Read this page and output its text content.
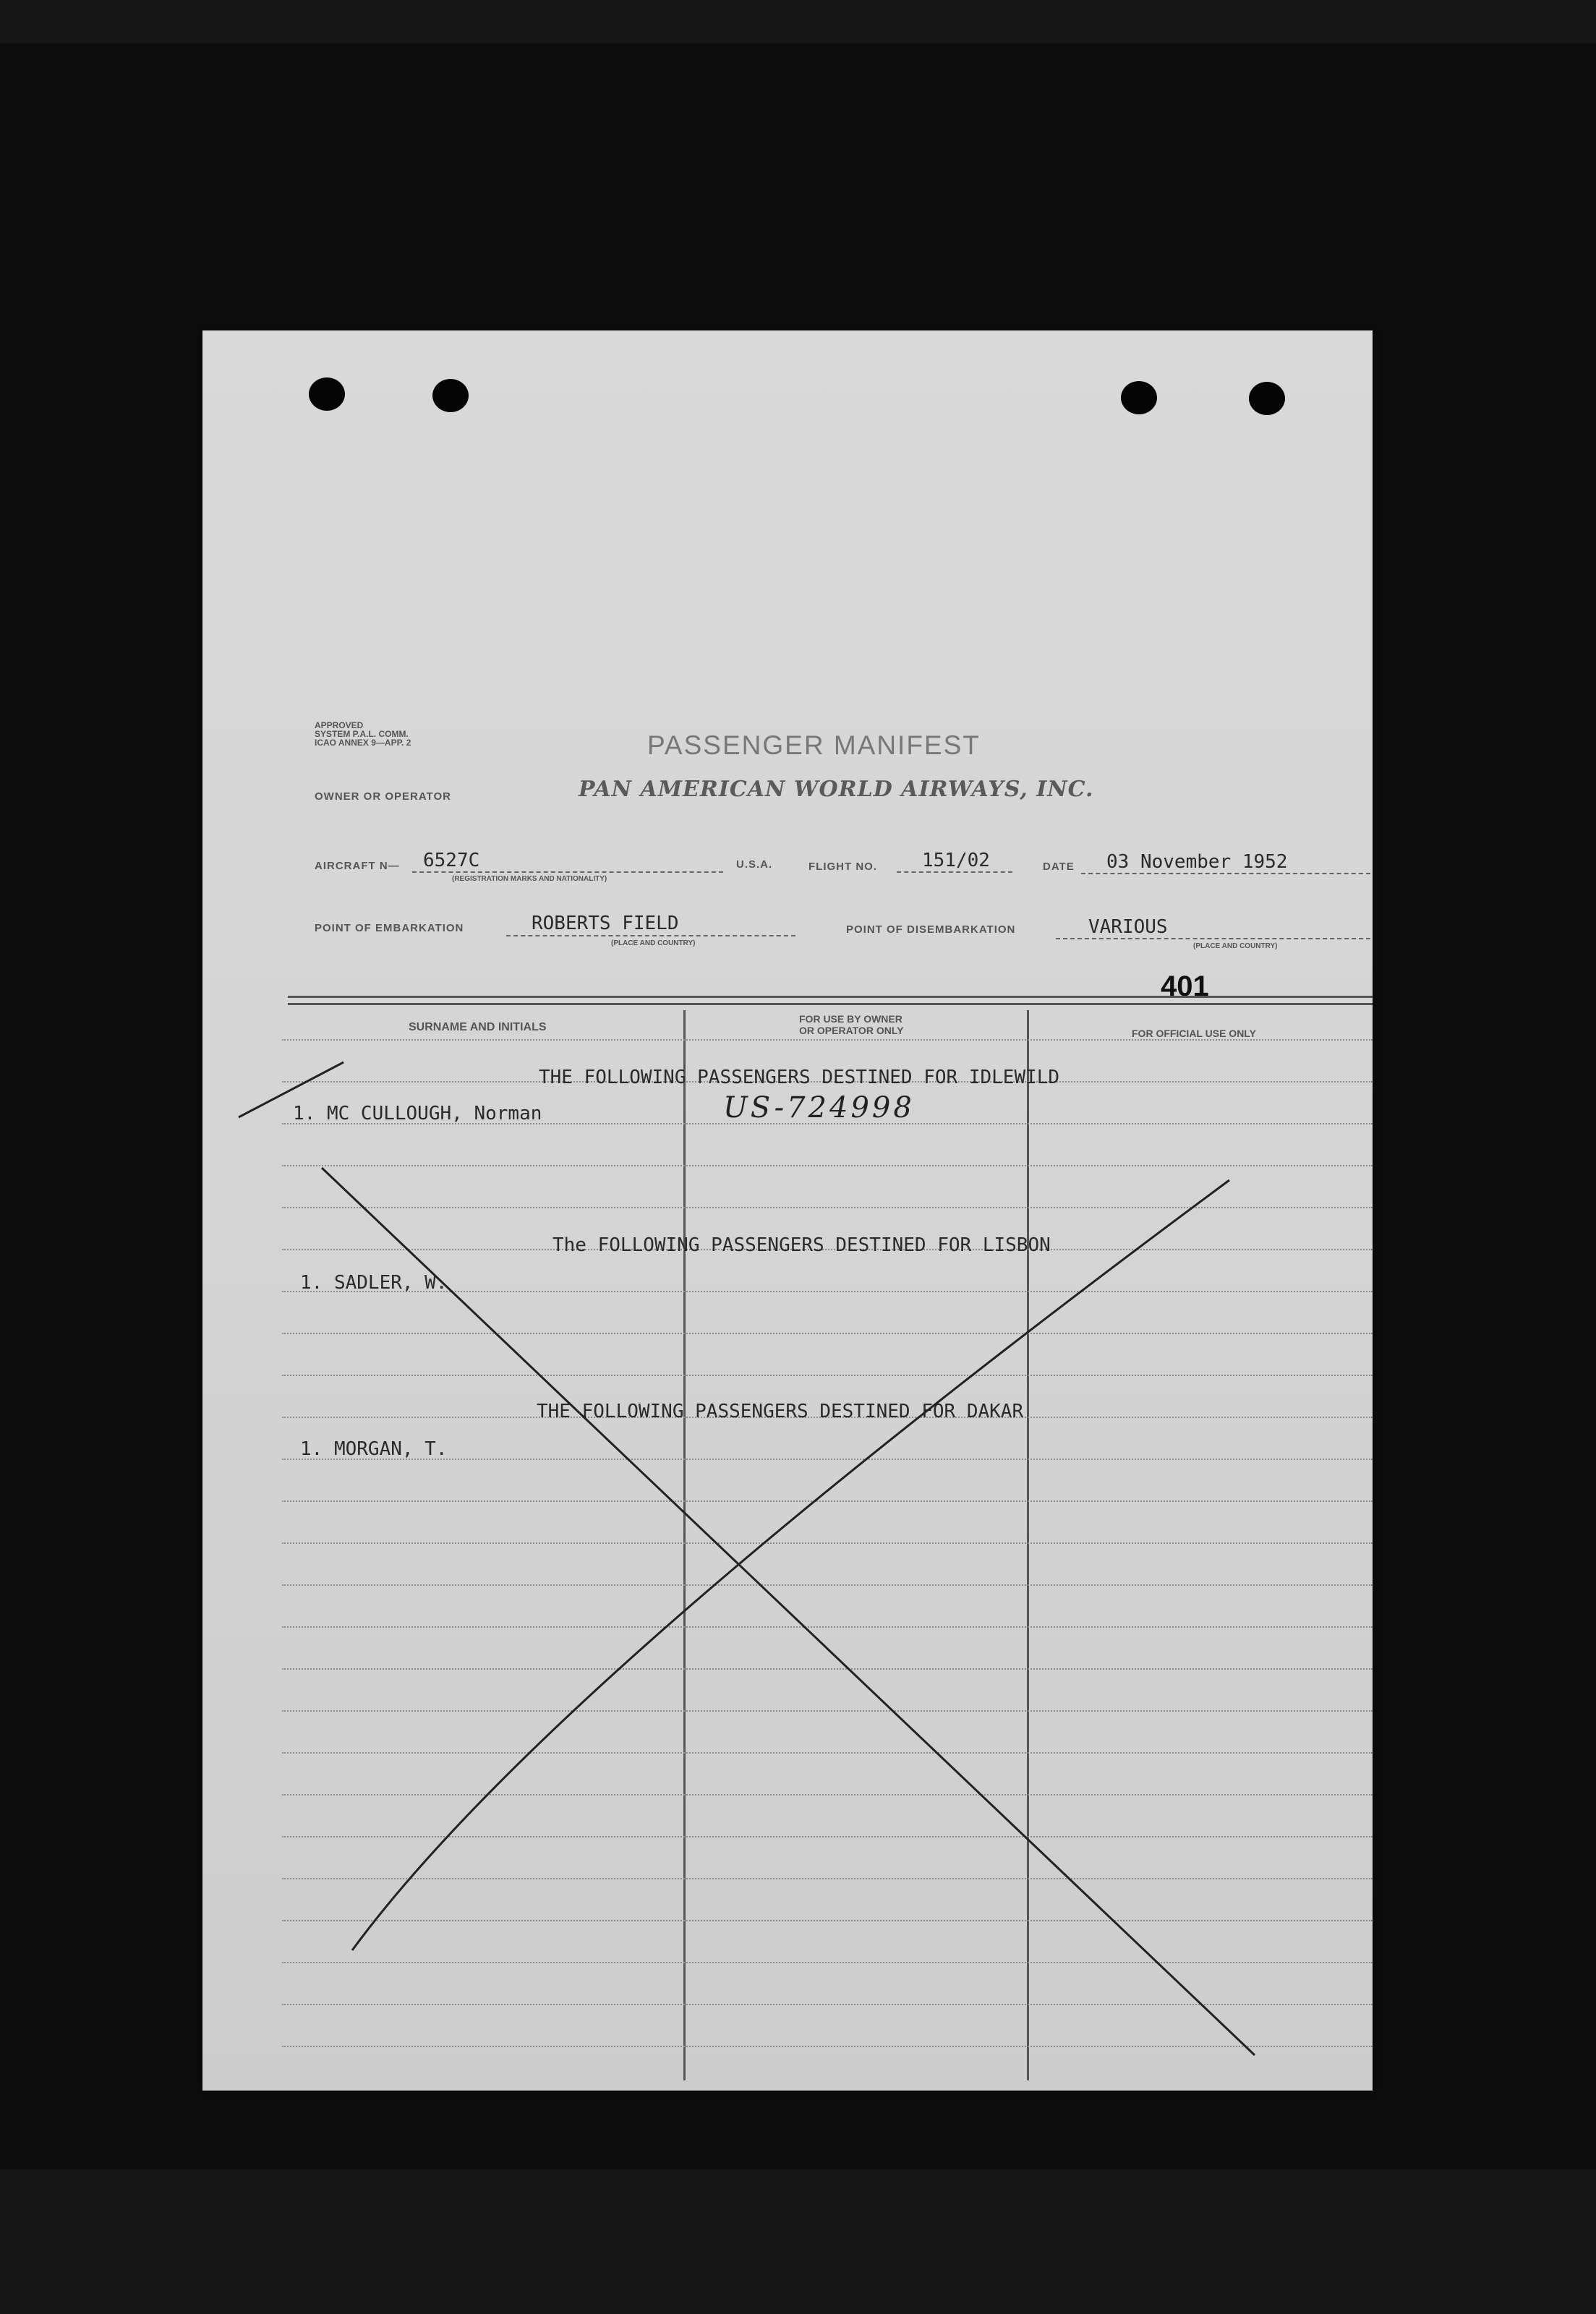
APPROVED
SYSTEM P.A.L. COMM.
ICAO ANNEX 9—APP. 2	PASSENGER MANIFEST
OWNER OR OPERATOR	PAN AMERICAN WORLD AIRWAYS, INC.
AIRCRAFT N— 6527C
(REGISTRATION MARKS AND NATIONALITY)
U.S.A.	FLIGHT NO. 151/02	DATE 03 November 1952
POINT OF EMBARKATION	ROBERTS FIELD
(PLACE AND COUNTRY)
POINT OF DISEMBARKATION	VARIOUS
(PLACE AND COUNTRY)
401
SURNAME AND INITIALS
FOR USE BY OWNER
OR OPERATOR ONLY	FOR OFFICIAL USE ONLY
THE FOLLOWING PASSENGERS DESTINED FOR IDLEWILD
1. MC CULLOUGH, Norman	US-724998
The FOLLOWING PASSENGERS DESTINED FOR LISBON
1. SADLER, W.
THE FOLLOWING PASSENGERS DESTINED FOR DAKAR
1. MORGAN, T.
